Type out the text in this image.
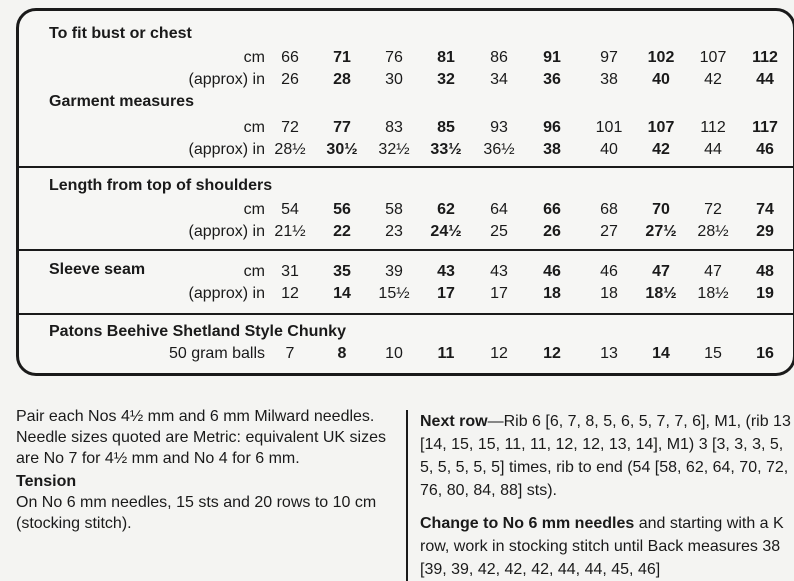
To fit bust or chest
cm	66	71	76	81	86	91	97	102	107	112
(approx) in	26	28	30	32	34	36	38	40	42	44
Garment measures
cm	72	77	83	85	93	96	101	107	112	117
(approx) in 28½	30½	32½	33½	36½	38	40	42	44	46
Length from top of shoulders
cm	54	56	58	62	64	66	68	70	72	74
(approx) in 21½	22	23	24½	25	26	27	27½	28½	29
Sleeve seam	cm	31	35	39	43	43	46	46	47	47	48
(approx) in	12	14	15½	17	17	18	18	18½	18½	19
Patons Beehive Shetland Style Chunky
50 gram balls	7	8	10	11	12	12	13	14	15	16

Pair each Nos 4½ mm and 6 mm Milward needles. Needle sizes quoted are Metric: equivalent UK sizes are No 7 for 4½ mm and No 4 for 6 mm.

Tension

On No 6 mm needles, 15 sts and 20 rows to 10 cm (stocking stitch).

Next row—Rib 6 [6, 7, 8, 5, 6, 5, 7, 7, 6], M1, (rib 13 [14, 15, 15, 11, 11, 12, 12, 13, 14], M1) 3 [3, 3, 3, 5, 5, 5, 5, 5, 5] times, rib to end (54 [58, 62, 64, 70, 72, 76, 80, 84, 88] sts).

Change to No 6 mm needles and starting with a K row, work in stocking stitch until Back measures 38 [39, 39, 42, 42, 42, 44, 44, 45, 46]
